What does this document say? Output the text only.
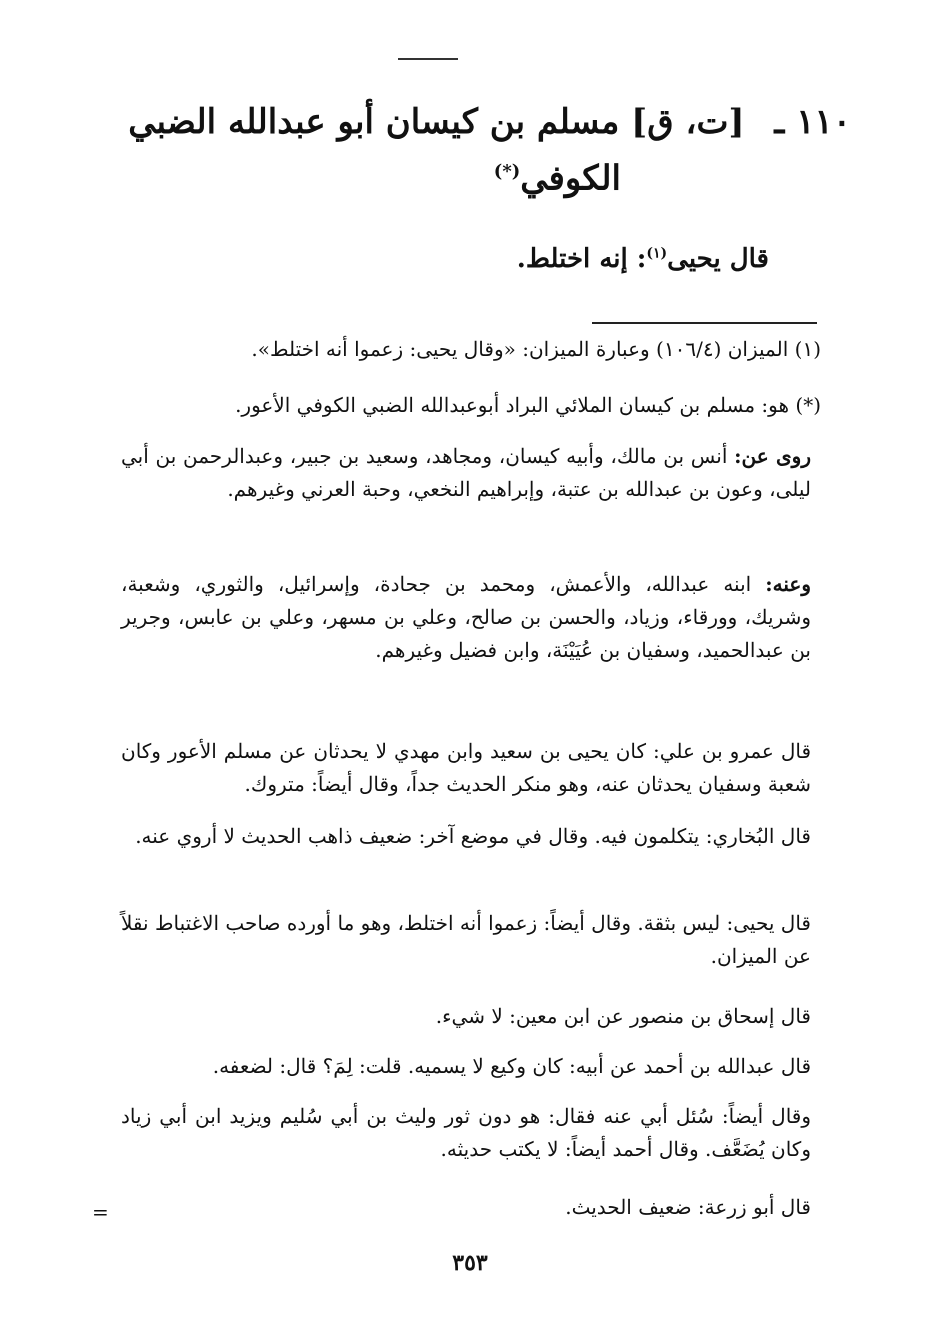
١١٠ ـ [ت، ق] مسلم بن كيسان أبو عبدالله الضبي
الكوفي(*)
قال يحيى$^{(١)}$: إنه اختلط.
(١) الميزان (١٠٦/٤) وعبارة الميزان: «وقال يحيى: زعموا أنه اختلط».
(*) هو: مسلم بن كيسان الملائي البراد أبوعبدالله الضبي الكوفي الأعور.
روى عن: أنس بن مالك، وأبيه كيسان، ومجاهد، وسعيد بن جبير، وعبدالرحمن بن أبي ليلى، وعون بن عبدالله بن عتبة، وإبراهيم النخعي، وحبة العرني وغيرهم.
وعنه: ابنه عبدالله، والأعمش، ومحمد بن جحادة، وإسرائيل، والثوري، وشعبة، وشريك، وورقاء، وزياد، والحسن بن صالح، وعلي بن مسهر، وعلي بن عابس، وجرير بن عبدالحميد، وسفيان بن عُيَيْنَة، وابن فضيل وغيرهم.
قال عمرو بن علي: كان يحيى بن سعيد وابن مهدي لا يحدثان عن مسلم الأعور وكان شعبة وسفيان يحدثان عنه، وهو منكر الحديث جداً، وقال أيضاً: متروك.
قال البُخاري: يتكلمون فيه. وقال في موضع آخر: ضعيف ذاهب الحديث لا أروي عنه.
قال يحيى: ليس بثقة. وقال أيضاً: زعموا أنه اختلط، وهو ما أورده صاحب الاغتباط نقلاً عن الميزان.
قال إسحاق بن منصور عن ابن معين: لا شيء.
قال عبدالله بن أحمد عن أبيه: كان وكيع لا يسميه. قلت: لِمَ؟ قال: لضعفه.
وقال أيضاً: سُئل أبي عنه فقال: هو دون ثور وليث بن أبي سُليم ويزيد ابن أبي زياد وكان يُضَعَّف. وقال أحمد أيضاً: لا يكتب حديثه.
قال أبو زرعة: ضعيف الحديث.
=
٣٥٣
